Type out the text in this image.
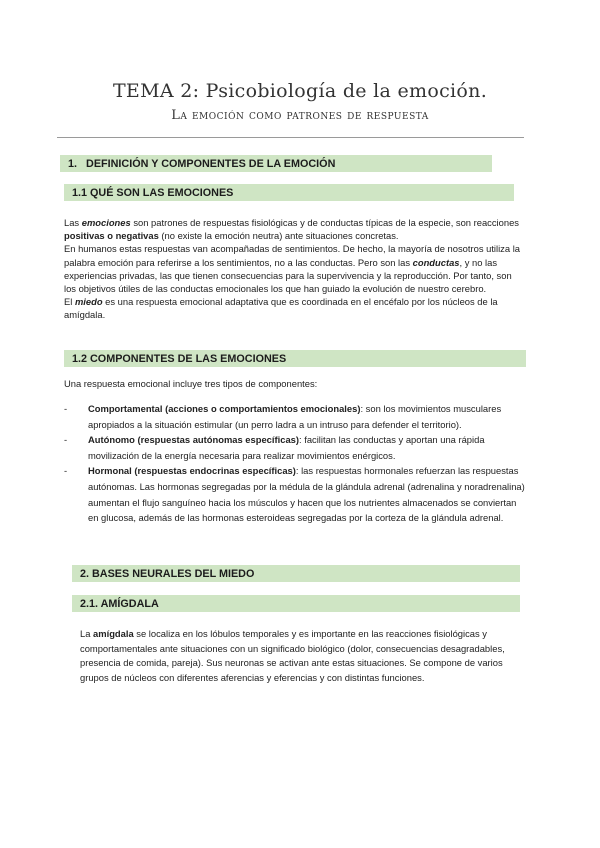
TEMA 2: Psicobiología de la emoción.
La emoción como patrones de respuesta
1. DEFINICIÓN Y COMPONENTES DE LA EMOCIÓN
1.1 QUÉ SON LAS EMOCIONES

Las emociones son patrones de respuestas fisiológicas y de conductas típicas de la especie, son reacciones positivas o negativas (no existe la emoción neutra) ante situaciones concretas.

En humanos estas respuestas van acompañadas de sentimientos. De hecho, la mayoría de nosotros utiliza la palabra emoción para referirse a los sentimientos, no a las conductas. Pero son las conductas, y no las experiencias privadas, las que tienen consecuencias para la supervivencia y la reproducción. Por tanto, son los objetivos útiles de las conductas emocionales los que han guiado la evolución de nuestro cerebro.

El miedo es una respuesta emocional adaptativa que es coordinada en el encéfalo por los núcleos de la amígdala.

1.2 COMPONENTES DE LAS EMOCIONES
Una respuesta emocional incluye tres tipos de componentes:
- Comportamental (acciones o comportamientos emocionales): son los movimientos musculares apropiados a la situación estimular (un perro ladra a un intruso para defender el territorio).
- Autónomo (respuestas autónomas específicas): facilitan las conductas y aportan una rápida movilización de la energía necesaria para realizar movimientos enérgicos.
- Hormonal (respuestas endocrinas específicas): las respuestas hormonales refuerzan las respuestas autónomas. Las hormonas segregadas por la médula de la glándula adrenal (adrenalina y noradrenalina) aumentan el flujo sanguíneo hacia los músculos y hacen que los nutrientes almacenados se conviertan en glucosa, además de las hormonas esteroideas segregadas por la corteza de la glándula adrenal.
2. BASES NEURALES DEL MIEDO
2.1. AMÍGDALA

La amígdala se localiza en los lóbulos temporales y es importante en las reacciones fisiológicas y comportamentales ante situaciones con un significado biológico (dolor, consecuencias desagradables, presencia de comida, pareja). Sus neuronas se activan ante estas situaciones. Se compone de varios grupos de núcleos con diferentes aferencias y eferencias y con distintas funciones.
